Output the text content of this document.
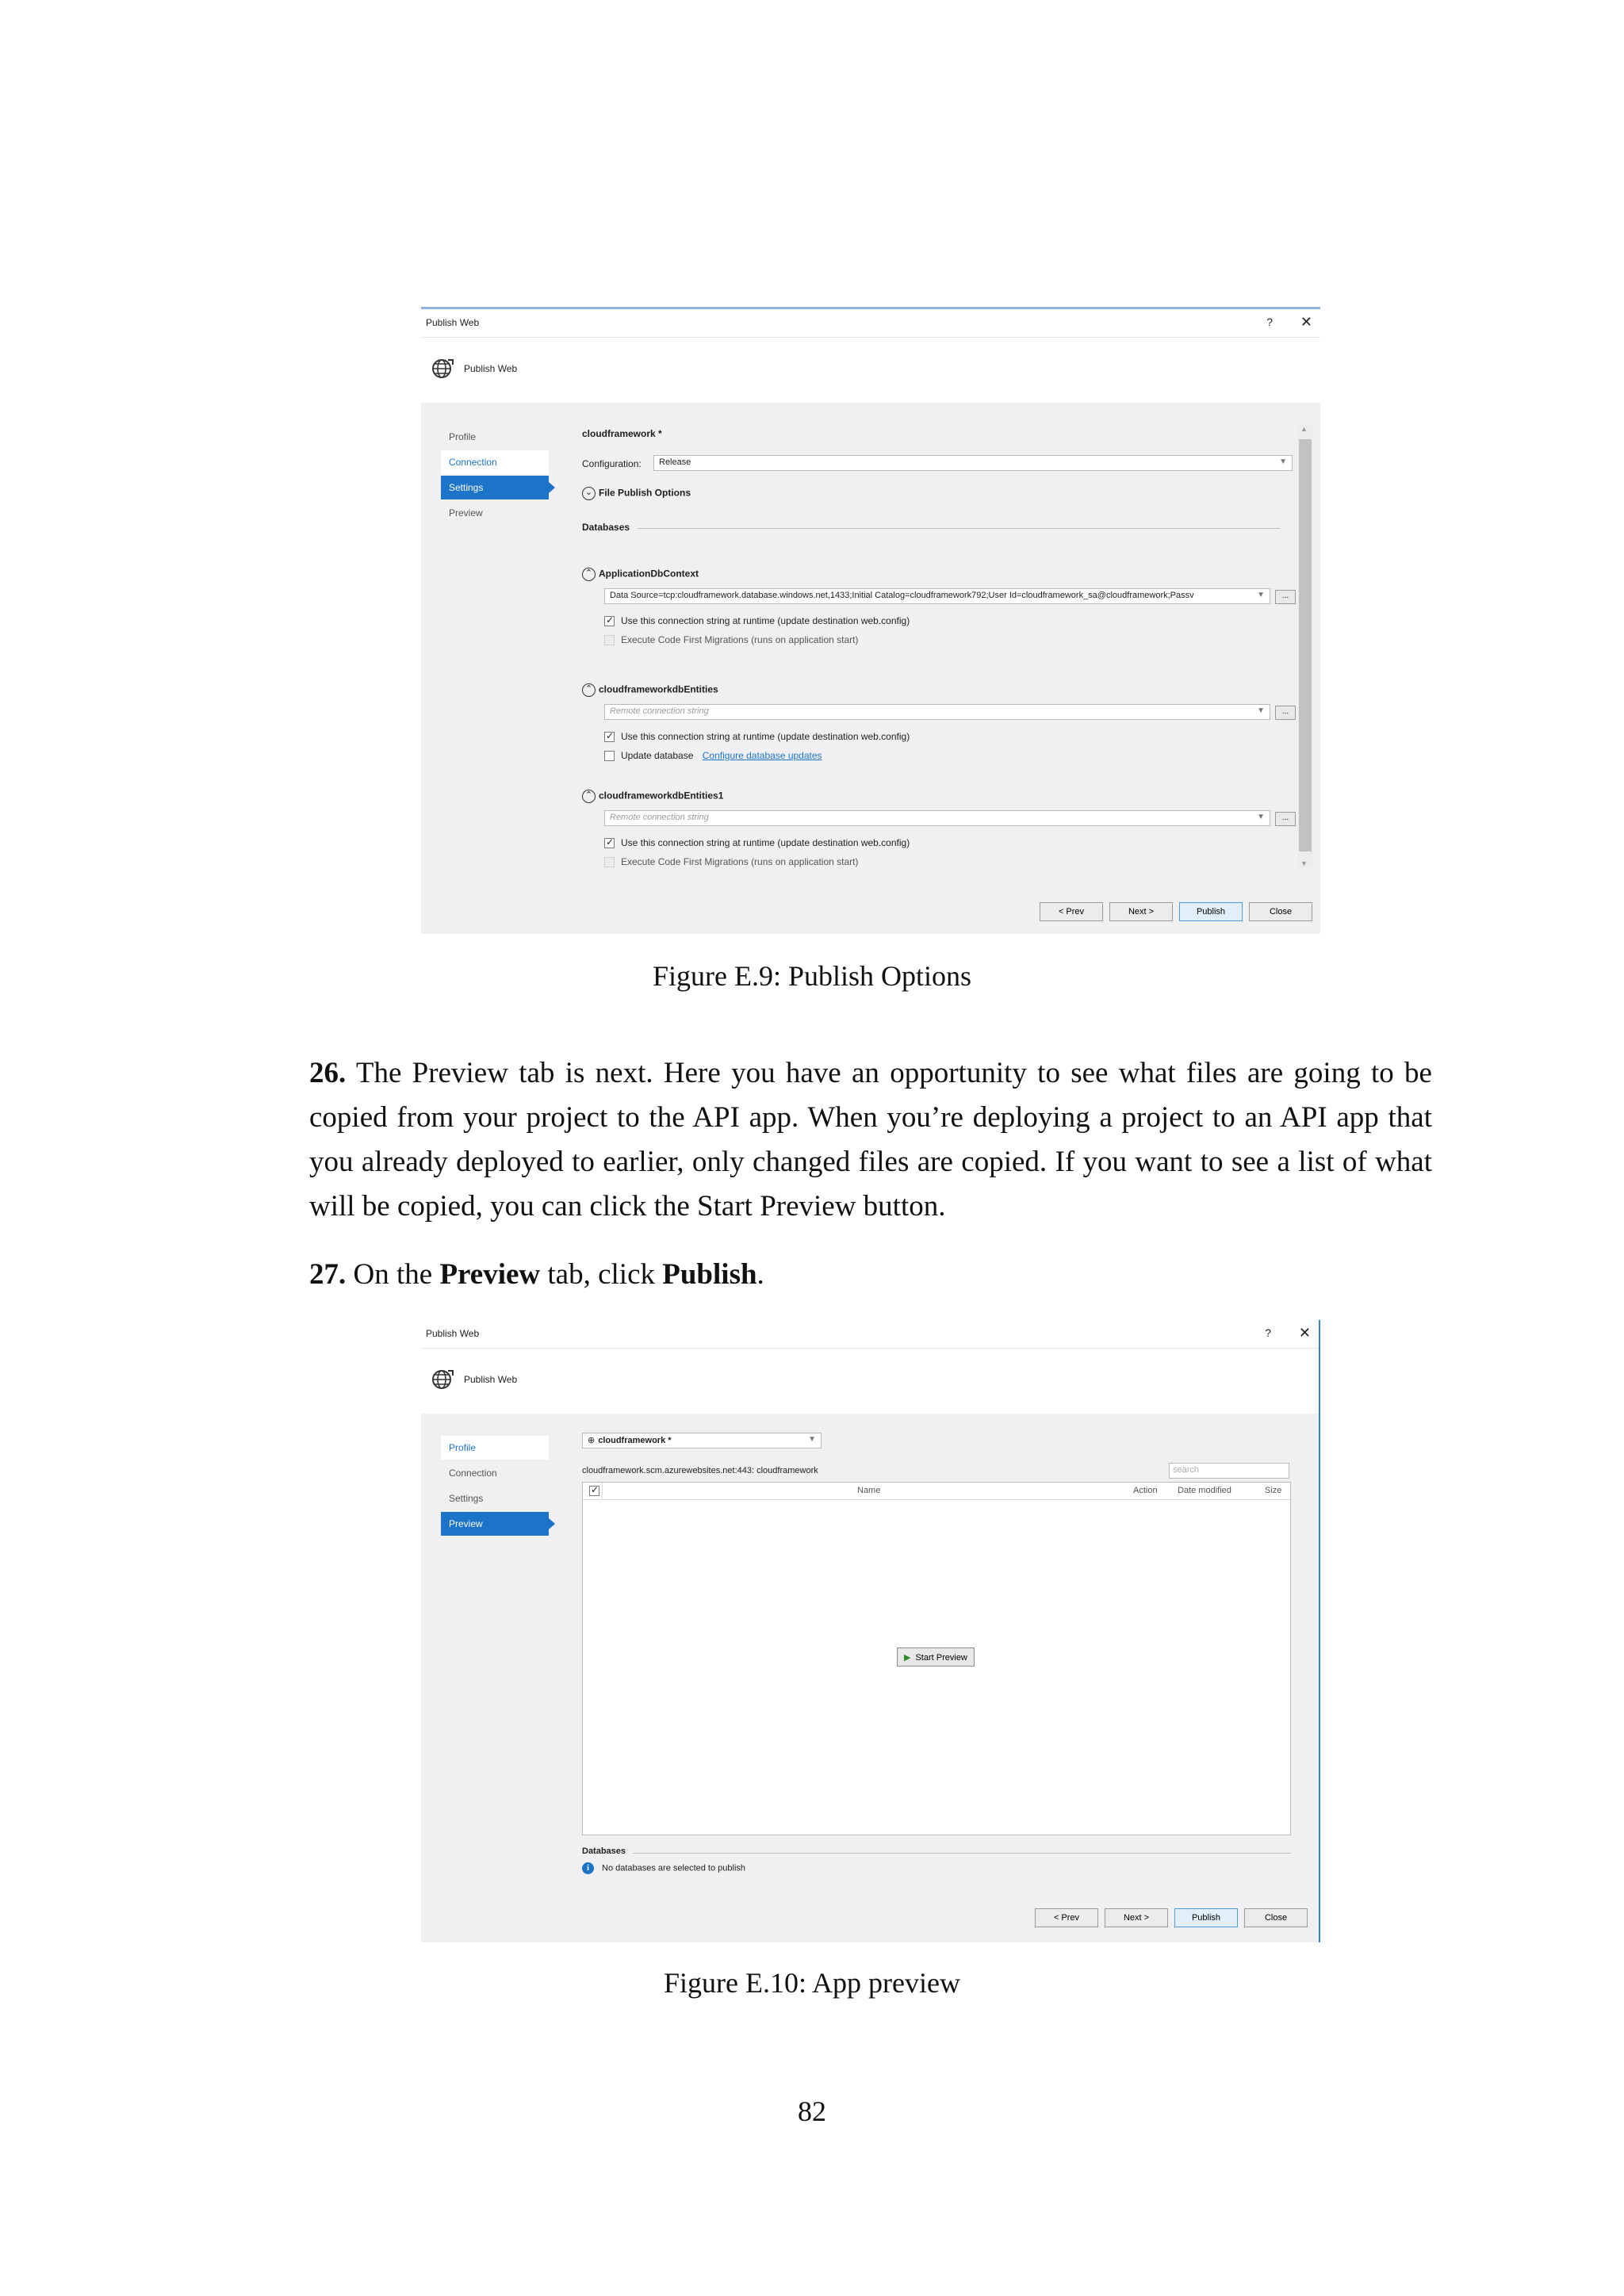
Publish Web	? ✕
Publish Web
Profile
Connection
Settings
Preview
cloudframework *
Configuration:	Release	▼
⌄ File Publish Options
Databases
⌃ ApplicationDbContext
Data Source=tcp:cloudframework.database.windows.net,1433;Initial Catalog=cloudframework792;User Id=cloudframework_sa@cloudframework;Passv	▼	...
✓Use this connection string at runtime (update destination web.config)
Execute Code First Migrations (runs on application start)
⌃ cloudframeworkdbEntities
Remote connection string	▼	...
✓Use this connection string at runtime (update destination web.config)
Update database Configure database updates
⌃ cloudframeworkdbEntities1
Remote connection string	▼	...
✓Use this connection string at runtime (update destination web.config)
Execute Code First Migrations (runs on application start)
▲
▼
< Prev	Next >	Publish	Close
Figure E.9: Publish Options
26. The Preview tab is next. Here you have an opportunity to see what files are going to be copied from your project to the API app. When you’re deploying a project to an API app that you already deployed to earlier, only changed files are copied. If you want to see a list of what will be copied, you can click the Start Preview button.
27. On the Preview tab, click Publish.
Publish Web	? ✕
Publish Web
Profile
Connection
Settings
Preview
⊕ cloudframework *	▼
cloudframework.scm.azurewebsites.net:443: cloudframework	search
✓
Name	Action Date modified	Size
▶ Start Preview
Databases
i No databases are selected to publish
< Prev	Next >	Publish	Close
Figure E.10: App preview
82
